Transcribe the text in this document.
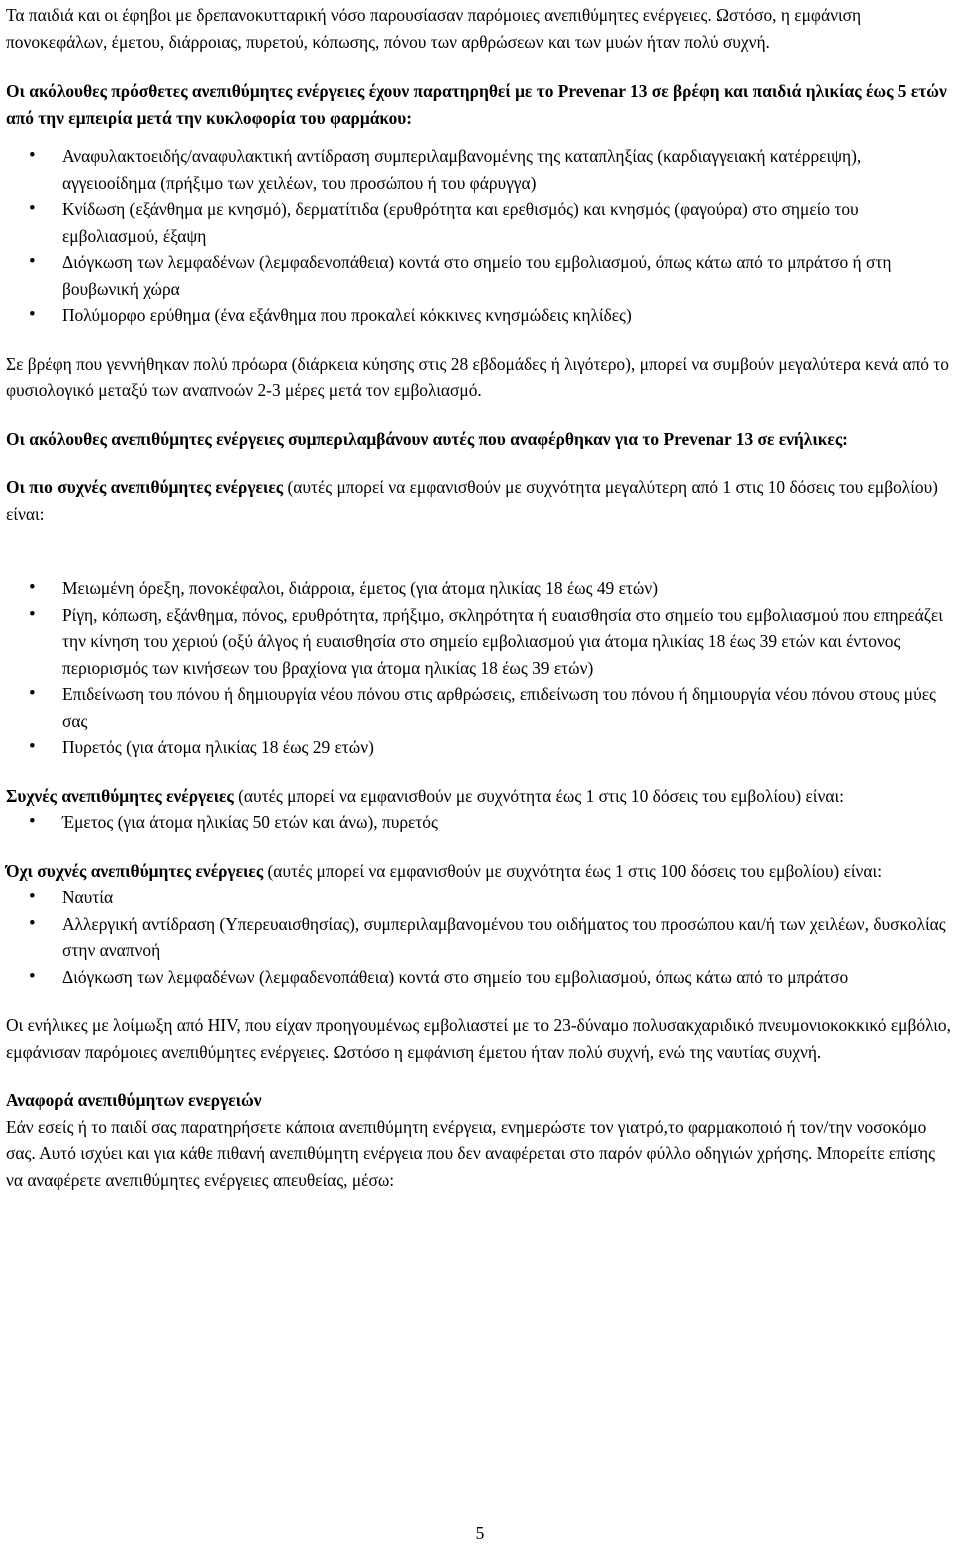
Τα παιδιά και οι έφηβοι με δρεπανοκυτταρική νόσο παρουσίασαν παρόμοιες ανεπιθύμητες ενέργειες. Ωστόσο, η εμφάνιση πονοκεφάλων, έμετου, διάρροιας, πυρετού, κόπωσης, πόνου των αρθρώσεων και των μυών ήταν πολύ συχνή.

Οι ακόλουθες πρόσθετες ανεπιθύμητες ενέργειες έχουν παρατηρηθεί με το Prevenar 13 σε βρέφη και παιδιά ηλικίας έως 5 ετών από την εμπειρία μετά την κυκλοφορία του φαρμάκου:

• Αναφυλακτοειδής/αναφυλακτική αντίδραση συμπεριλαμβανομένης της καταπληξίας (καρδιαγγειακή κατέρρειψη), αγγειοοίδημα (πρήξιμο των χειλέων, του προσώπου ή του φάρυγγα)
• Κνίδωση (εξάνθημα με κνησμό), δερματίτιδα (ερυθρότητα και ερεθισμός) και κνησμός (φαγούρα) στο σημείο του εμβολιασμού, έξαψη
• Διόγκωση των λεμφαδένων (λεμφαδενοπάθεια) κοντά στο σημείο του εμβολιασμού, όπως κάτω από το μπράτσο ή στη βουβωνική χώρα
• Πολύμορφο ερύθημα (ένα εξάνθημα που προκαλεί κόκκινες κνησμώδεις κηλίδες)

Σε βρέφη που γεννήθηκαν πολύ πρόωρα (διάρκεια κύησης στις 28 εβδομάδες ή λιγότερο), μπορεί να συμβούν μεγαλύτερα κενά από το φυσιολογικό μεταξύ των αναπνοών 2-3 μέρες μετά τον εμβολιασμό.

Οι ακόλουθες ανεπιθύμητες ενέργειες συμπεριλαμβάνουν αυτές που αναφέρθηκαν για το Prevenar 13 σε ενήλικες:

Οι πιο συχνές ανεπιθύμητες ενέργειες (αυτές μπορεί να εμφανισθούν με συχνότητα μεγαλύτερη από 1 στις 10 δόσεις του εμβολίου) είναι:

• Μειωμένη όρεξη, πονοκέφαλοι, διάρροια, έμετος (για άτομα ηλικίας 18 έως 49 ετών)
• Ρίγη, κόπωση, εξάνθημα, πόνος, ερυθρότητα, πρήξιμο, σκληρότητα ή ευαισθησία στο σημείο του εμβολιασμού που επηρεάζει την κίνηση του χεριού (οξύ άλγος ή ευαισθησία στο σημείο εμβολιασμού για άτομα ηλικίας 18 έως 39 ετών και έντονος περιορισμός των κινήσεων του βραχίονα για άτομα ηλικίας 18 έως 39 ετών)
• Επιδείνωση του πόνου ή δημιουργία νέου πόνου στις αρθρώσεις, επιδείνωση του πόνου ή δημιουργία νέου πόνου στους μύες σας
• Πυρετός (για άτομα ηλικίας 18 έως 29 ετών)

Συχνές ανεπιθύμητες ενέργειες (αυτές μπορεί να εμφανισθούν με συχνότητα έως 1 στις 10 δόσεις του εμβολίου) είναι:

• Έμετος (για άτομα ηλικίας 50 ετών και άνω), πυρετός

Όχι συχνές ανεπιθύμητες ενέργειες (αυτές μπορεί να εμφανισθούν με συχνότητα έως 1 στις 100 δόσεις του εμβολίου) είναι:

• Ναυτία
• Αλλεργική αντίδραση (Υπερευαισθησίας), συμπεριλαμβανομένου του οιδήματος του προσώπου και/ή των χειλέων, δυσκολίας στην αναπνοή
• Διόγκωση των λεμφαδένων (λεμφαδενοπάθεια) κοντά στο σημείο του εμβολιασμού, όπως κάτω από το μπράτσο

Οι ενήλικες με λοίμωξη από HIV, που είχαν προηγουμένως εμβολιαστεί με το 23-δύναμο πολυσακχαριδικό πνευμονιοκοκκικό εμβόλιο, εμφάνισαν παρόμοιες ανεπιθύμητες ενέργειες. Ωστόσο η εμφάνιση έμετου ήταν πολύ συχνή, ενώ της ναυτίας συχνή.

Αναφορά ανεπιθύμητων ενεργειών

Εάν εσείς ή το παιδί σας παρατηρήσετε κάποια ανεπιθύμητη ενέργεια, ενημερώστε τον γιατρό,το φαρμακοποιό ή τον/την νοσοκόμο σας. Αυτό ισχύει και για κάθε πιθανή ανεπιθύμητη ενέργεια που δεν αναφέρεται στο παρόν φύλλο οδηγιών χρήσης. Μπορείτε επίσης να αναφέρετε ανεπιθύμητες ενέργειες απευθείας, μέσω:

5
